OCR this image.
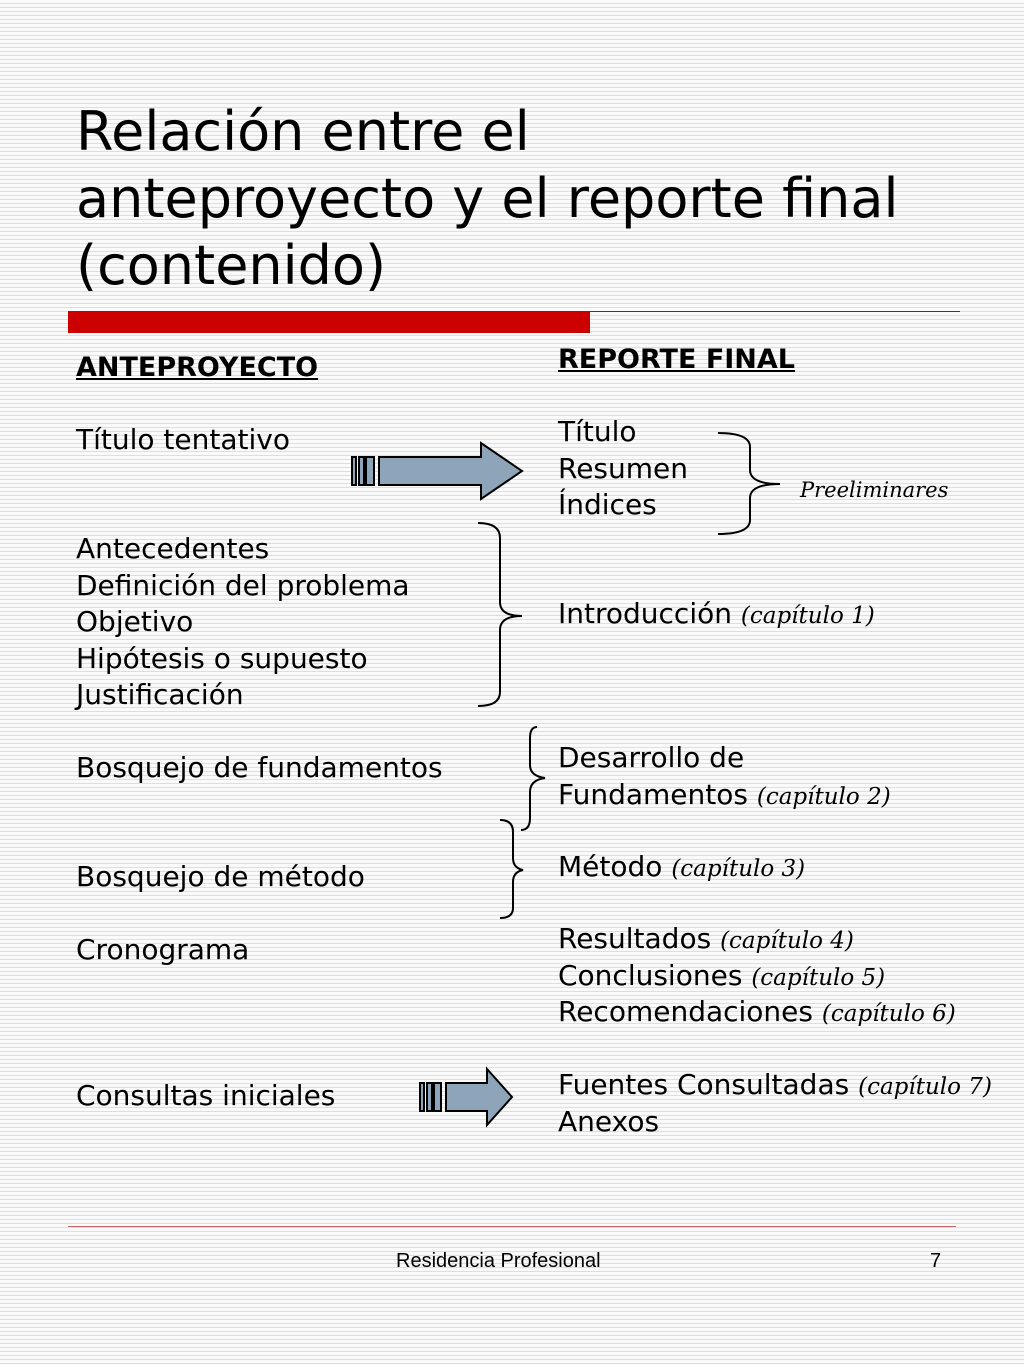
Relación entre el
anteproyecto y el reporte final
(contenido)
ANTEPROYECTO
Título tentativo
Antecedentes
Definición del problema
Objetivo
Hipótesis o supuesto
Justificación
Bosquejo de fundamentos
Bosquejo de método
Cronograma
Consultas iniciales
REPORTE FINAL
Título
Resumen
Índices	Preeliminares
Introducción (capítulo 1)
Desarrollo de
Fundamentos (capítulo 2)
Método (capítulo 3)
Resultados (capítulo 4)
Conclusiones (capítulo 5)
Recomendaciones (capítulo 6)
Fuentes Consultadas (capítulo 7)
Anexos
Residencia Profesional	7
